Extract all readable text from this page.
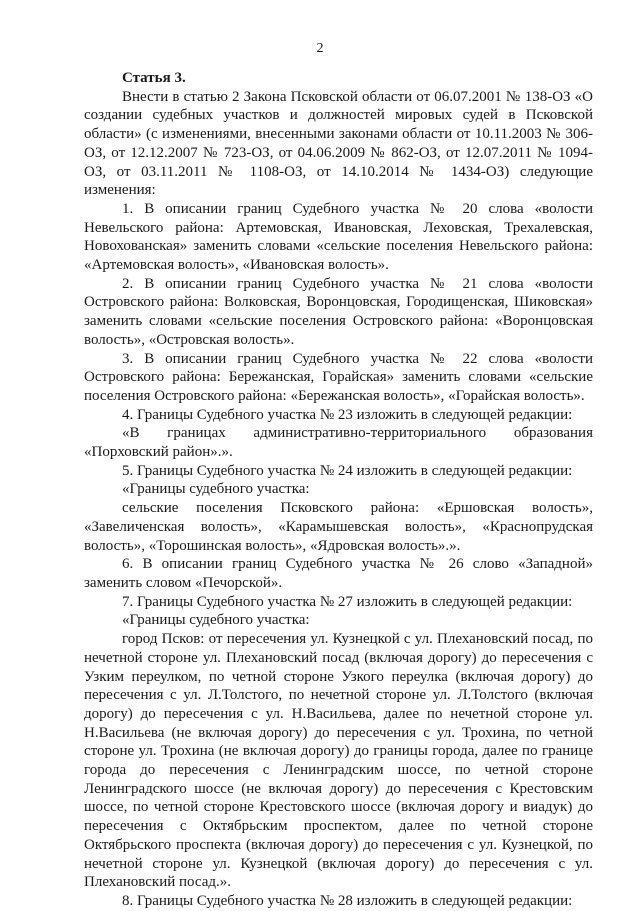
2

Статья 3.

Внести в статью 2 Закона Псковской области от 06.07.2001 № 138-ОЗ «О создании судебных участков и должностей мировых судей в Псковской области» (с изменениями, внесенными законами области от 10.11.2003 № 306-ОЗ, от 12.12.2007 № 723-ОЗ, от 04.06.2009 № 862-ОЗ, от 12.07.2011 № 1094-ОЗ, от 03.11.2011 № 1108-ОЗ, от 14.10.2014 № 1434-ОЗ) следующие изменения:

1. В описании границ Судебного участка № 20 слова «волости Невельского района: Артемовская, Ивановская, Леховская, Трехалевская, Новохованская» заменить словами «сельские поселения Невельского района: «Артемовская волость», «Ивановская волость».

2. В описании границ Судебного участка № 21 слова «волости Островского района: Волковская, Воронцовская, Городищенская, Шиковская» заменить словами «сельские поселения Островского района: «Воронцовская волость», «Островская волость».

3. В описании границ Судебного участка № 22 слова «волости Островского района: Бережанская, Горайская» заменить словами «сельские поселения Островского района: «Бережанская волость», «Горайская волость».

4. Границы Судебного участка № 23 изложить в следующей редакции:

«В границах административно-территориального образования «Порховский район».».

5. Границы Судебного участка № 24 изложить в следующей редакции:

«Границы судебного участка:

сельские поселения Псковского района: «Ершовская волость», «Завеличенская волость», «Карамышевская волость», «Краснопрудская волость», «Торошинская волость», «Ядровская волость».».

6. В описании границ Судебного участка № 26 слово «Западной» заменить словом «Печорской».

7. Границы Судебного участка № 27 изложить в следующей редакции:

«Границы судебного участка:

город Псков: от пересечения ул. Кузнецкой с ул. Плехановский посад, по нечетной стороне ул. Плехановский посад (включая дорогу) до пересечения с Узким переулком, по четной стороне Узкого переулка (включая дорогу) до пересечения с ул. Л.Толстого, по нечетной стороне ул. Л.Толстого (включая дорогу) до пересечения с ул. Н.Васильева, далее по нечетной стороне ул. Н.Васильева (не включая дорогу) до пересечения с ул. Трохина, по четной стороне ул. Трохина (не включая дорогу) до границы города, далее по границе города до пересечения с Ленинградским шоссе, по четной стороне Ленинградского шоссе (не включая дорогу) до пересечения с Крестовским шоссе, по четной стороне Крестовского шоссе (включая дорогу и виадук) до пересечения с Октябрьским проспектом, далее по четной стороне Октябрьского проспекта (включая дорогу) до пересечения с ул. Кузнецкой, по нечетной стороне ул. Кузнецкой (включая дорогу) до пересечения с ул. Плехановский посад.».

8. Границы Судебного участка № 28 изложить в следующей редакции:
